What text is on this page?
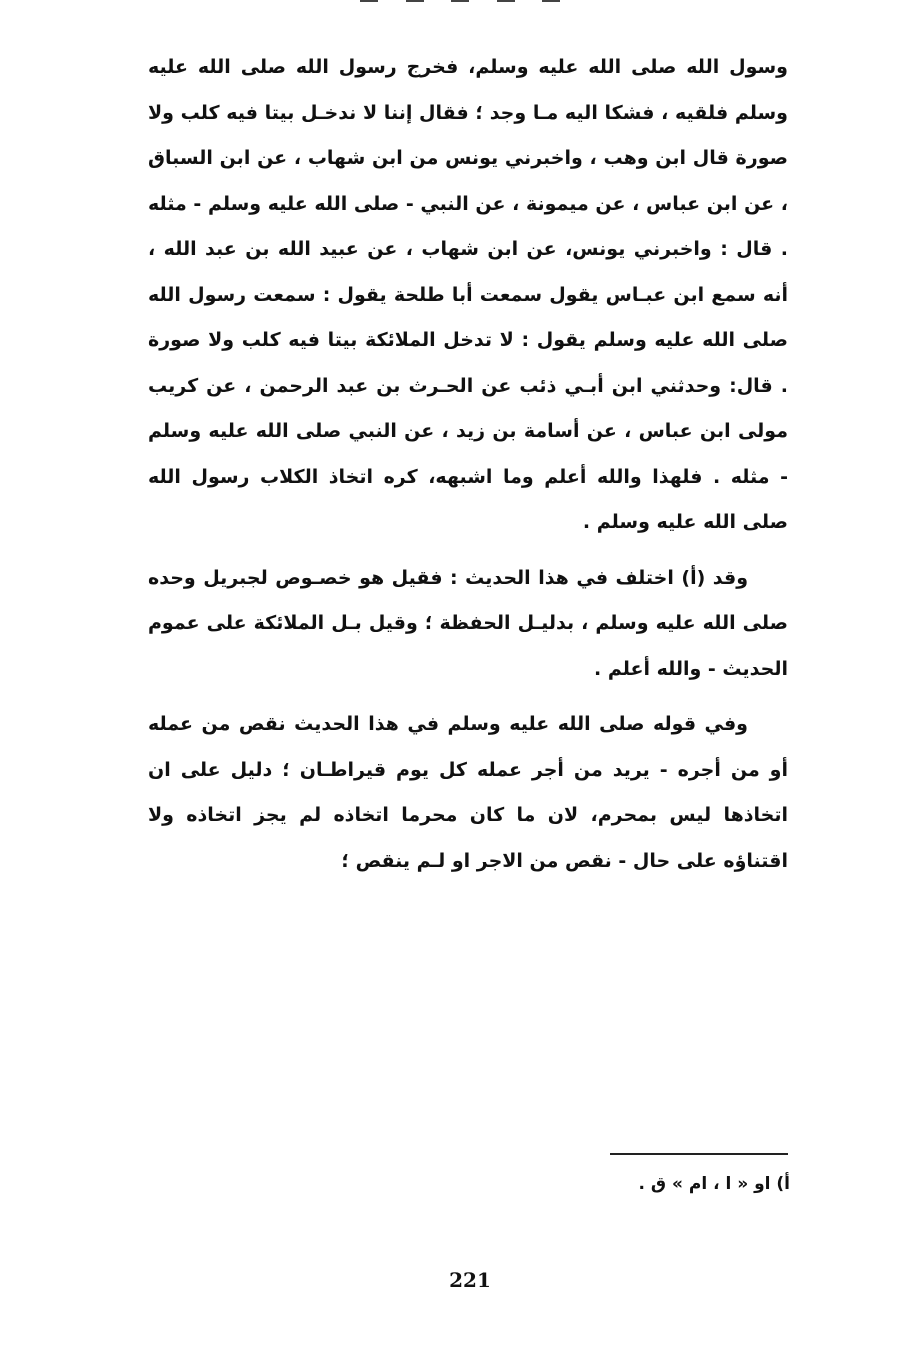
وسول الله صلى الله عليه وسلم، فخرج رسول الله صلى الله عليه وسلم فلقيه ، فشكا اليه مـا وجد ؛ فقال إننا لا ندخـل بيتا فيه كلب ولا صورة قال ابن وهب ، واخبرني يونس من ابن شهاب ، عن ابن السباق ، عن ابن عباس ، عن ميمونة ، عن النبي - صلى الله عليه وسلم - مثله . قال : واخبرني يونس، عن ابن شهاب ، عن عبيد الله بن عبد الله ، أنه سمع ابن عبـاس يقول سمعت أبا طلحة يقول : سمعت رسول الله صلى الله عليه وسلم يقول : لا تدخل الملائكة بيتا فيه كلب ولا صورة . قال: وحدثني ابن أبـي ذئب عن الحـرث بن عبد الرحمن ، عن كريب مولى ابن عباس ، عن أسامة بن زيد ، عن النبي صلى الله عليه وسلم - مثله . فلهذا والله أعلم وما اشبهه، كره اتخاذ الكلاب رسول الله صلى الله عليه وسلم .

وقد (أ) اختلف في هذا الحديث : فقيل هو خصـوص لجبريل وحده صلى الله عليه وسلم ، بدليـل الحفظة ؛ وقيل بـل الملائكة على عموم الحديث - والله أعلم .

وفي قوله صلى الله عليه وسلم في هذا الحديث نقص من عمله أو من أجره - يريد من أجر عمله كل يوم قيراطـان ؛ دليل على ان اتخاذها ليس بمحرم، لان ما كان محرما اتخاذه لم يجز اتخاذه ولا اقتناؤه على حال - نقص من الاجر او لـم ينقص ؛

أ) او « ا ، ام » ق .
221
